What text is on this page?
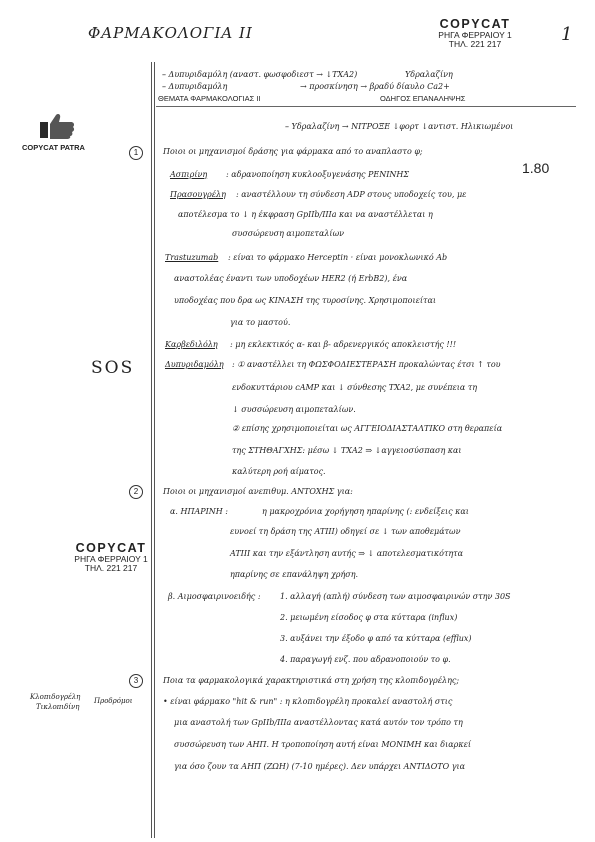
ΦΑΡΜΑΚΟΛΟΓΙΑ ΙΙ	COPYCAT
ΡΗΓΑ ΦΕΡΡΑΙΟΥ 1
ΤΗΛ. 221 217	1
– Δυπυριδαμόλη (αναστ. φωσφοδιεστ → ↓ΤΧΑ2)	Υδραλαζίνη
– Δυπυριδαμόλη	→ προσκίνηση → βραδύ δίαυλο Ca2+
ΘΕΜΑΤΑ ΦΑΡΜΑΚΟΛΟΓΙΑΣ ΙΙ	ΟΔΗΓΟΣ ΕΠΑΝΑΛΗΨΗΣ
– Υδραλαζίνη → ΝΙΤΡΟΞΕ ↓φορτ ↓αντιστ. Ηλικιωμένοι
COPYCAT PATRA
1	Ποιοι οι μηχανισμοί δράσης για φάρμακα από το αναπλαστο φ;
1.80
Ασπιρίνη : αδρανοποίηση κυκλοοξυγενάσης ΡΕΝΙΝΗΣ
Πρασουγρέλη : αναστέλλουν τη σύνδεση ADP στους υποδοχείς του, με
αποτέλεσμα το ↓ η έκφραση GpIIb/IIIa και να αναστέλλεται η
συσσώρευση αιμοπεταλίων
Trastuzumab : είναι το φάρμακο Herceptin · είναι μονοκλωνικό Ab
αναστολέας έναντι των υποδοχέων HER2 (ή ErbB2), ένα
υποδοχέας που δρα ως ΚΙΝΑΣΗ της τυροσίνης. Χρησιμοποιείται
για το μαστού.
Καρβεδιλόλη : μη εκλεκτικός α- και β- αδρενεργικός αποκλειστής !!!
SOS	Δυπυριδαμόλη : ① αναστέλλει τη ΦΩΣΦΟΔΙΕΣΤΕΡΑΣΗ προκαλώντας έτσι ↑ του
ενδοκυττάριου cAMP και ↓ σύνθεσης ΤΧΑ2, με συνέπεια τη
↓ συσσώρευση αιμοπεταλίων.
② επίσης χρησιμοποιείται ως ΑΓΓΕΙΟΔΙΑΣΤΑΛΤΙΚΟ στη θεραπεία
της ΣΤΗΘΑΓΧΗΣ: μέσω ↓ ΤΧΑ2 ⇒ ↓αγγειοσύσπαση και
καλύτερη ροή αίματος.
2	Ποιοι οι μηχανισμοί ανεπιθυμ. ΑΝΤΟΧΗΣ για:
α. ΗΠΑΡΙΝΗ :	η μακροχρόνια χορήγηση ηπαρίνης (: ενδείξεις και
ευνοεί τη δράση της ATIII) οδηγεί σε ↓ των αποθεμάτων
ATIII και την εξάντληση αυτής ⇒ ↓ αποτελεσματικότητα
ηπαρίνης σε επανάληψη χρήση.
COPYCAT
ΡΗΓΑ ΦΕΡΡΑΙΟΥ 1
ΤΗΛ. 221 217
β. Αιμοσφαιρινοειδής : 1. αλλαγή (απλή) σύνδεση των αιμοσφαιρινών στην 30S
2. μειωμένη είσοδος φ στα κύτταρα (influx)
3. αυξάνει την έξοδο φ από τα κύτταρα (efflux)
4. παραγωγή ενζ. που αδρανοποιούν το φ.
3	Ποια τα φαρμακολογικά χαρακτηριστικά στη χρήση της κλοπιδογρέλης;
Κλοπιδογρέλη Προδρόμοι
Τικλοπιδίνη
• είναι φάρμακο "hit & run" : η κλοπιδογρέλη προκαλεί αναστολή στις
μια αναστολή των GpIIb/IIIa αναστέλλοντας κατά αυτόν τον τρόπο τη
συσσώρευση των ΑΗΠ. Η τροποποίηση αυτή είναι ΜΟΝΙΜΗ και διαρκεί
για όσο ζουν τα ΑΗΠ (ΖΩΗ) (7-10 ημέρες). Δεν υπάρχει ΑΝΤΙΔΟΤΟ για
